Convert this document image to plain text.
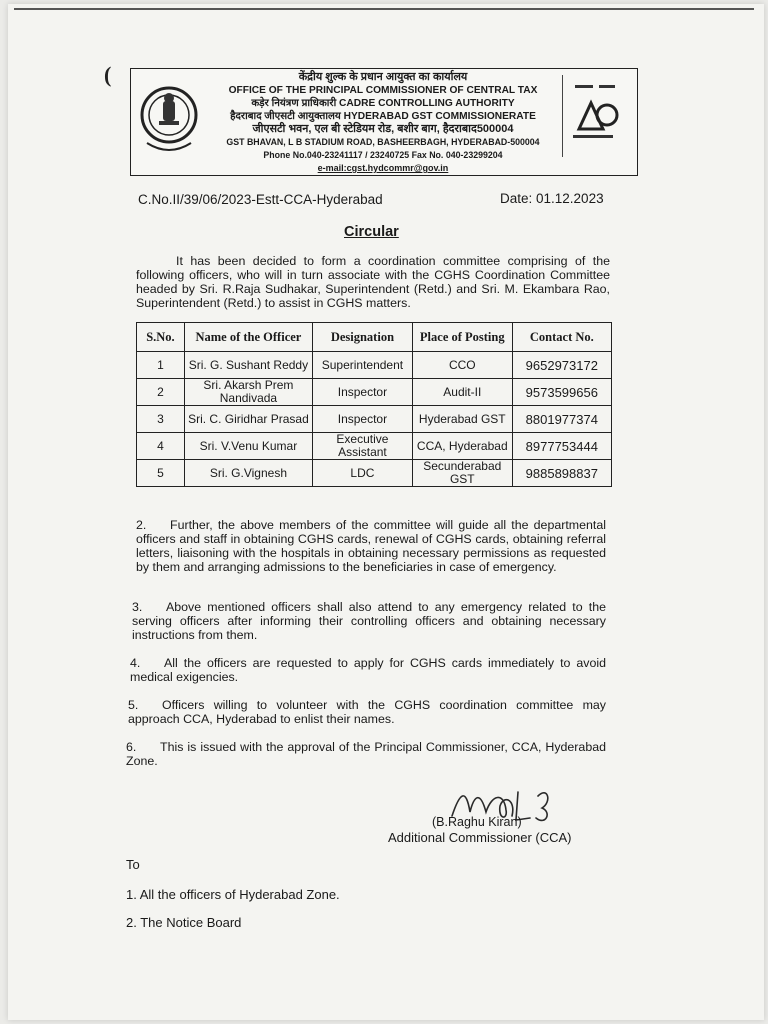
(	केंद्रीय शुल्क के प्रधान आयुक्त का कार्यालय
OFFICE OF THE PRINCIPAL COMMISSIONER OF CENTRAL TAX
कड़ेर नियंत्रण प्राधिकारी CADRE CONTROLLING AUTHORITY
हैदराबाद जीएसटी आयुक्तालय HYDERABAD GST COMMISSIONERATE
जीएसटी भवन, एल बी स्टेडियम रोड, बशीर बाग, हैदराबाद500004
GST BHAVAN, L B STADIUM ROAD, BASHEERBAGH, HYDERABAD-500004
Phone No.040-23241117 / 23240725 Fax No. 040-23299204
e-mail:cgst.hydcommr@gov.in
C.No.II/39/06/2023-Estt-CCA-Hyderabad	Date: 01.12.2023
Circular
It has been decided to form a coordination committee comprising of the following officers, who will in turn associate with the CGHS Coordination Committee headed by Sri. R.Raja Sudhakar, Superintendent (Retd.) and Sri. M. Ekambara Rao, Superintendent (Retd.) to assist in CGHS matters.
S.No.	Name of the Officer	Designation	Place of Posting	Contact No.
1	Sri. G. Sushant Reddy	Superintendent	CCO	9652973172
2	Sri. Akarsh Prem Nandivada	Inspector	Audit-II	9573599656
3	Sri. C. Giridhar Prasad	Inspector	Hyderabad GST	8801977374
4	Sri. V.Venu Kumar	Executive Assistant	CCA, Hyderabad	8977753444
5	Sri. G.Vignesh	LDC	Secunderabad GST	9885898837
2. Further, the above members of the committee will guide all the departmental officers and staff in obtaining CGHS cards, renewal of CGHS cards, obtaining referral letters, liaisoning with the hospitals in obtaining necessary permissions as requested by them and arranging admissions to the beneficiaries in case of emergency.
3. Above mentioned officers shall also attend to any emergency related to the serving officers after informing their controlling officers and obtaining necessary instructions from them.
4. All the officers are requested to apply for CGHS cards immediately to avoid medical exigencies.
5. Officers willing to volunteer with the CGHS coordination committee may approach CCA, Hyderabad to enlist their names.
6. This is issued with the approval of the Principal Commissioner, CCA, Hyderabad Zone.
(B.Raghu Kiran)
Additional Commissioner (CCA)
To
1. All the officers of Hyderabad Zone.
2. The Notice Board
